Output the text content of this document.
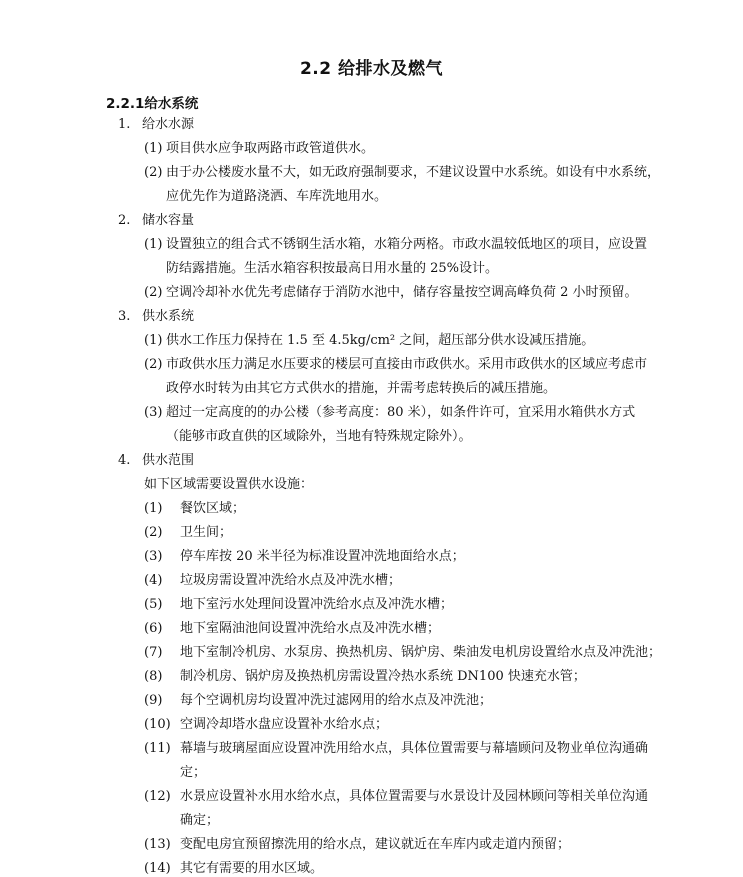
2.2 给排水及燃气
2.2.1给水系统
1. 给水水源
(1) 项目供水应争取两路市政管道供水。
(2) 由于办公楼废水量不大，如无政府强制要求，不建议设置中水系统。如设有中水系统，
应优先作为道路浇洒、车库洗地用水。
2. 储水容量
(1) 设置独立的组合式不锈钢生活水箱，水箱分两格。市政水温较低地区的项目，应设置
防结露措施。生活水箱容积按最高日用水量的 25%设计。
(2) 空调冷却补水优先考虑储存于消防水池中，储存容量按空调高峰负荷 2 小时预留。
3. 供水系统
(1) 供水工作压力保持在 1.5 至 4.5kg/cm² 之间，超压部分供水设减压措施。
(2) 市政供水压力满足水压要求的楼层可直接由市政供水。采用市政供水的区域应考虑市
政停水时转为由其它方式供水的措施，并需考虑转换后的减压措施。
(3) 超过一定高度的的办公楼（参考高度：80 米），如条件许可，宜采用水箱供水方式
（能够市政直供的区域除外，当地有特殊规定除外）。
4. 供水范围
如下区域需要设置供水设施：
(1) 餐饮区域；
(2) 卫生间；
(3) 停车库按 20 米半径为标准设置冲洗地面给水点；
(4) 垃圾房需设置冲洗给水点及冲洗水槽；
(5) 地下室污水处理间设置冲洗给水点及冲洗水槽；
(6) 地下室隔油池间设置冲洗给水点及冲洗水槽；
(7) 地下室制冷机房、水泵房、换热机房、锅炉房、柴油发电机房设置给水点及冲洗池；
(8) 制冷机房、锅炉房及换热机房需设置冷热水系统 DN100 快速充水管；
(9) 每个空调机房均设置冲洗过滤网用的给水点及冲洗池；
(10) 空调冷却塔水盘应设置补水给水点；
(11) 幕墙与玻璃屋面应设置冲洗用给水点，具体位置需要与幕墙顾问及物业单位沟通确
定；
(12) 水景应设置补水用水给水点，具体位置需要与水景设计及园林顾问等相关单位沟通
确定；
(13) 变配电房宜预留擦洗用的给水点，建议就近在车库内或走道内预留；
(14) 其它有需要的用水区域。
